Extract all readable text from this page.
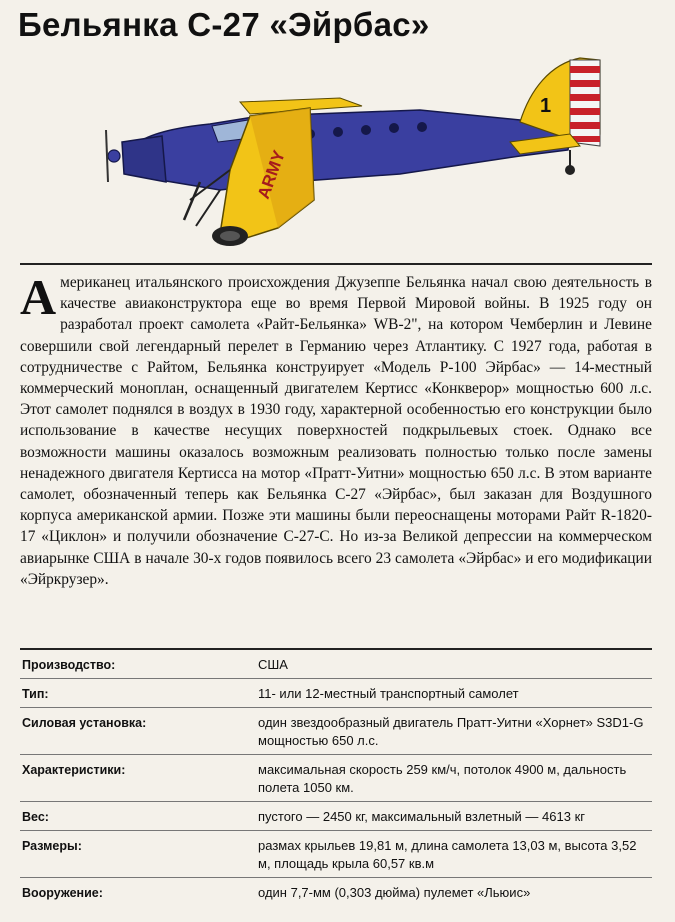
Бельянка С-27 «Эйрбас»
1
ARMY
Американец итальянского происхождения Джузеппе Бельянка начал свою деятельность в качестве авиаконструктора еще во время Первой Мировой войны. В 1925 году он разработал проект самолета «Райт-Бельянка» WB-2", на котором Чемберлин и Левине совершили свой легендарный перелет в Германию через Атлантику. С 1927 года, работая в сотрудничестве с Райтом, Бельянка конструирует «Модель Р-100 Эйрбас» — 14-местный коммерческий моноплан, оснащенный двигателем Кертисс «Конкверор» мощностью 600 л.с. Этот самолет поднялся в воздух в 1930 году, характерной особенностью его конструкции было использование в качестве несущих поверхностей подкрыльевых стоек. Однако все возможности машины оказалось возможным реализовать полностью только после замены ненадежного двигателя Кертисса на мотор «Пратт-Уитни» мощностью 650 л.с. В этом варианте самолет, обозначенный теперь как Бельянка С-27 «Эйрбас», был заказан для Воздушного корпуса американской армии. Позже эти машины были переоснащены моторами Райт R-1820-17 «Циклон» и получили обозначение С-27-С. Но из-за Великой депрессии на коммерческом авиарынке США в начале 30-х годов появилось всего 23 самолета «Эйрбас» и его модификации «Эйркрузер».
Производство:	США
Тип:	11- или 12-местный транспортный самолет
Силовая установка:	один звездообразный двигатель Пратт-Уитни «Хорнет» S3D1-G мощностью 650 л.с.
Характеристики:	максимальная скорость 259 км/ч, потолок 4900 м, дальность полета 1050 км.
Вес:	пустого — 2450 кг, максимальный взлетный — 4613 кг
Размеры:	размах крыльев 19,81 м, длина самолета 13,03 м, высота 3,52 м, площадь крыла 60,57 кв.м
Вооружение:	один 7,7-мм (0,303 дюйма) пулемет «Льюис»
